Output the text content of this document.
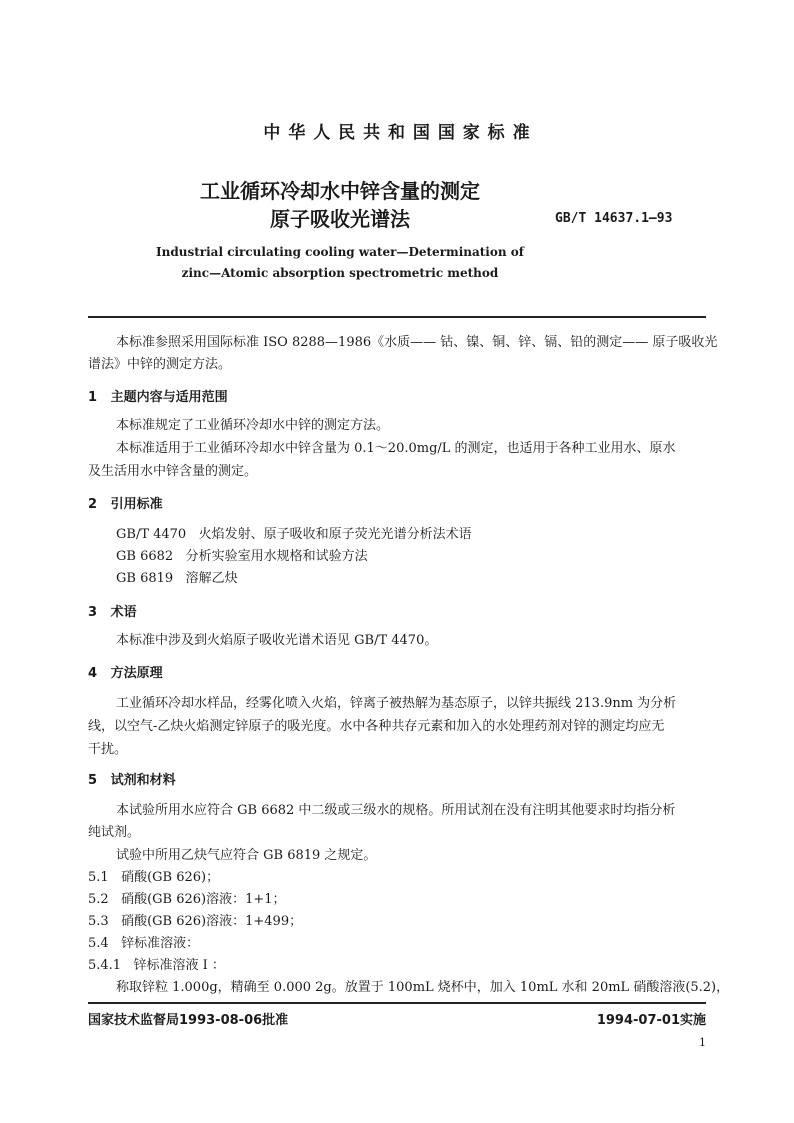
中 华 人 民 共 和 国 国 家 标 准
工业循环冷却水中锌含量的测定
原子吸收光谱法	GB/T 14637.1—93
Industrial circulating cooling water—Determination of
zinc—Atomic absorption spectrometric method
本标准参照采用国际标准 ISO 8288—1986《水质—— 钴、镍、铜、锌、镉、铅的测定—— 原子吸收光
谱法》中锌的测定方法。
1 主题内容与适用范围
本标准规定了工业循环冷却水中锌的测定方法。
本标准适用于工业循环冷却水中锌含量为 0.1～20.0mg/L 的测定，也适用于各种工业用水、原水
及生活用水中锌含量的测定。
2 引用标准
GB/T 4470 火焰发射、原子吸收和原子荧光光谱分析法术语
GB 6682 分析实验室用水规格和试验方法
GB 6819 溶解乙炔
3 术语
本标准中涉及到火焰原子吸收光谱术语见 GB/T 4470。
4 方法原理
工业循环冷却水样品，经雾化喷入火焰，锌离子被热解为基态原子，以锌共振线 213.9nm 为分析
线，以空气-乙炔火焰测定锌原子的吸光度。水中各种共存元素和加入的水处理药剂对锌的测定均应无
干扰。
5 试剂和材料
本试验所用水应符合 GB 6682 中二级或三级水的规格。所用试剂在没有注明其他要求时均指分析
纯试剂。
试验中所用乙炔气应符合 GB 6819 之规定。
5.1 硝酸(GB 626)；
5.2 硝酸(GB 626)溶液：1+1；
5.3 硝酸(GB 626)溶液：1+499；
5.4 锌标准溶液：
5.4.1 锌标准溶液 I ：
称取锌粒 1.000g，精确至 0.000 2g。放置于 100mL 烧杯中，加入 10mL 水和 20mL 硝酸溶液(5.2)，
国家技术监督局1993-08-06批准	1994-07-01实施
1
